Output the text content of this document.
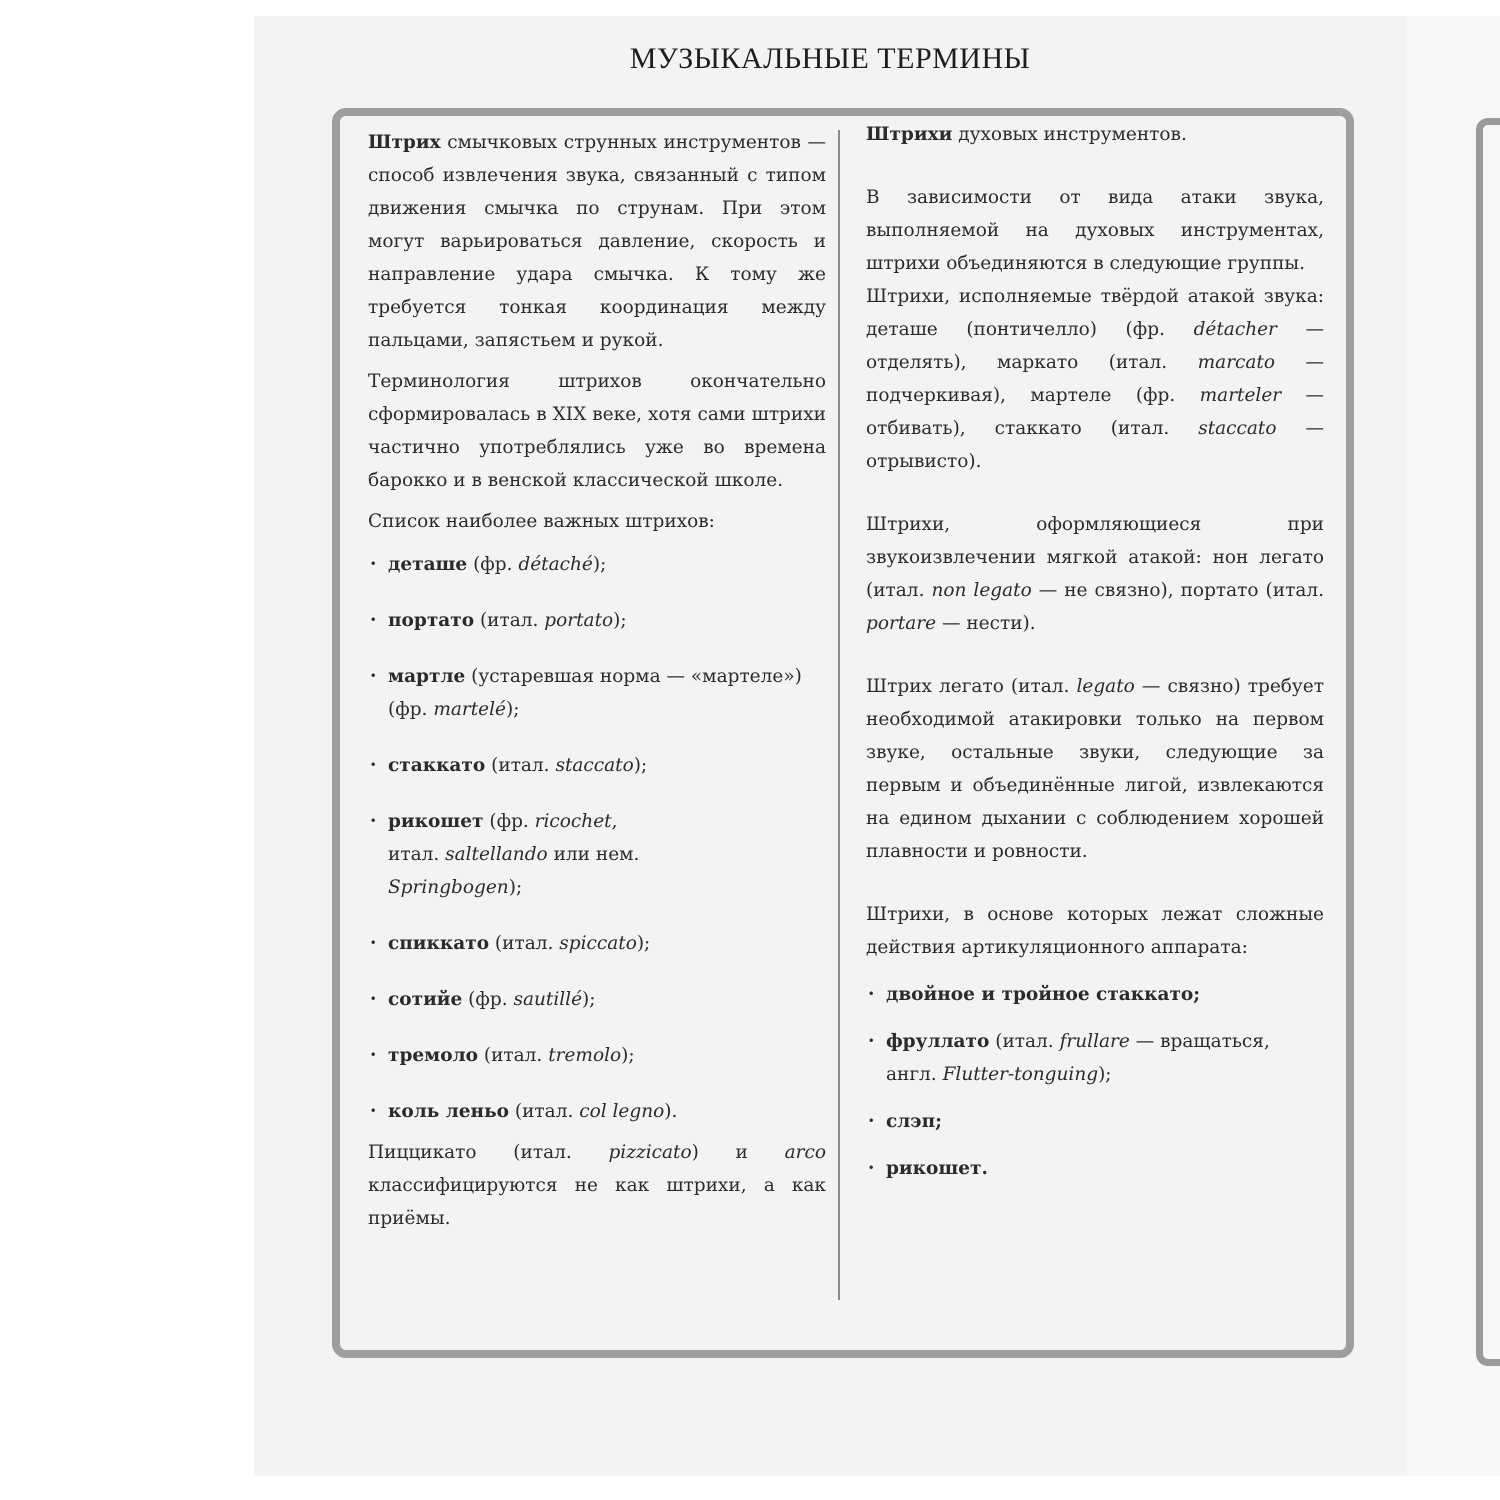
МУЗЫКАЛЬНЫЕ ТЕРМИНЫ

Штрих смычковых струнных инструментов — способ извлечения звука, связанный с типом движения смычка по струнам. При этом могут варьироваться давление, скорость и направление удара смычка. К тому же требуется тонкая координация между пальцами, запястьем и рукой.

Терминология штрихов окончательно сформировалась в XIX веке, хотя сами штрихи частично употреблялись уже во времена барокко и в венской классической школе.

Список наиболее важных штрихов:

· деташе (фр. détaché);

· портато (итал. portato);

· мартле (устаревшая норма — «мартеле») (фр. martelé);

· стаккато (итал. staccato);

· рикошет (фр. ricochet, итал. saltellando или нем. Springbogen);

· спиккато (итал. spiccato);

· сотийе (фр. sautillé);

· тремоло (итал. tremolo);

· коль леньо (итал. col legno).

Пиццикато (итал. pizzicato) и arco классифицируются не как штрихи, а как приёмы.

Штрихи духовых инструментов.

В зависимости от вида атаки звука, выполняемой на духовых инструментах, штрихи объединяются в следующие группы.

Штрихи, исполняемые твёрдой атакой звука: деташе (понтичелло) (фр. détacher — отделять), маркато (итал. marcato — подчеркивая), мартеле (фр. marteler — отбивать), стаккато (итал. staccato — отрывисто).

Штрихи, оформляющиеся при звукоизвлечении мягкой атакой: нон легато (итал. non legato — не связно), портато (итал. portare — нести).

Штрих легато (итал. legato — связно) требует необходимой атакировки только на первом звуке, остальные звуки, следующие за первым и объединённые лигой, извлекаются на едином дыхании с соблюдением хорошей плавности и ровности.

Штрихи, в основе которых лежат сложные действия артикуляционного аппарата:

· двойное и тройное стаккато;

· фруллато (итал. frullare — вращаться, англ. Flutter-tonguing);

· слэп;

· рикошет.
